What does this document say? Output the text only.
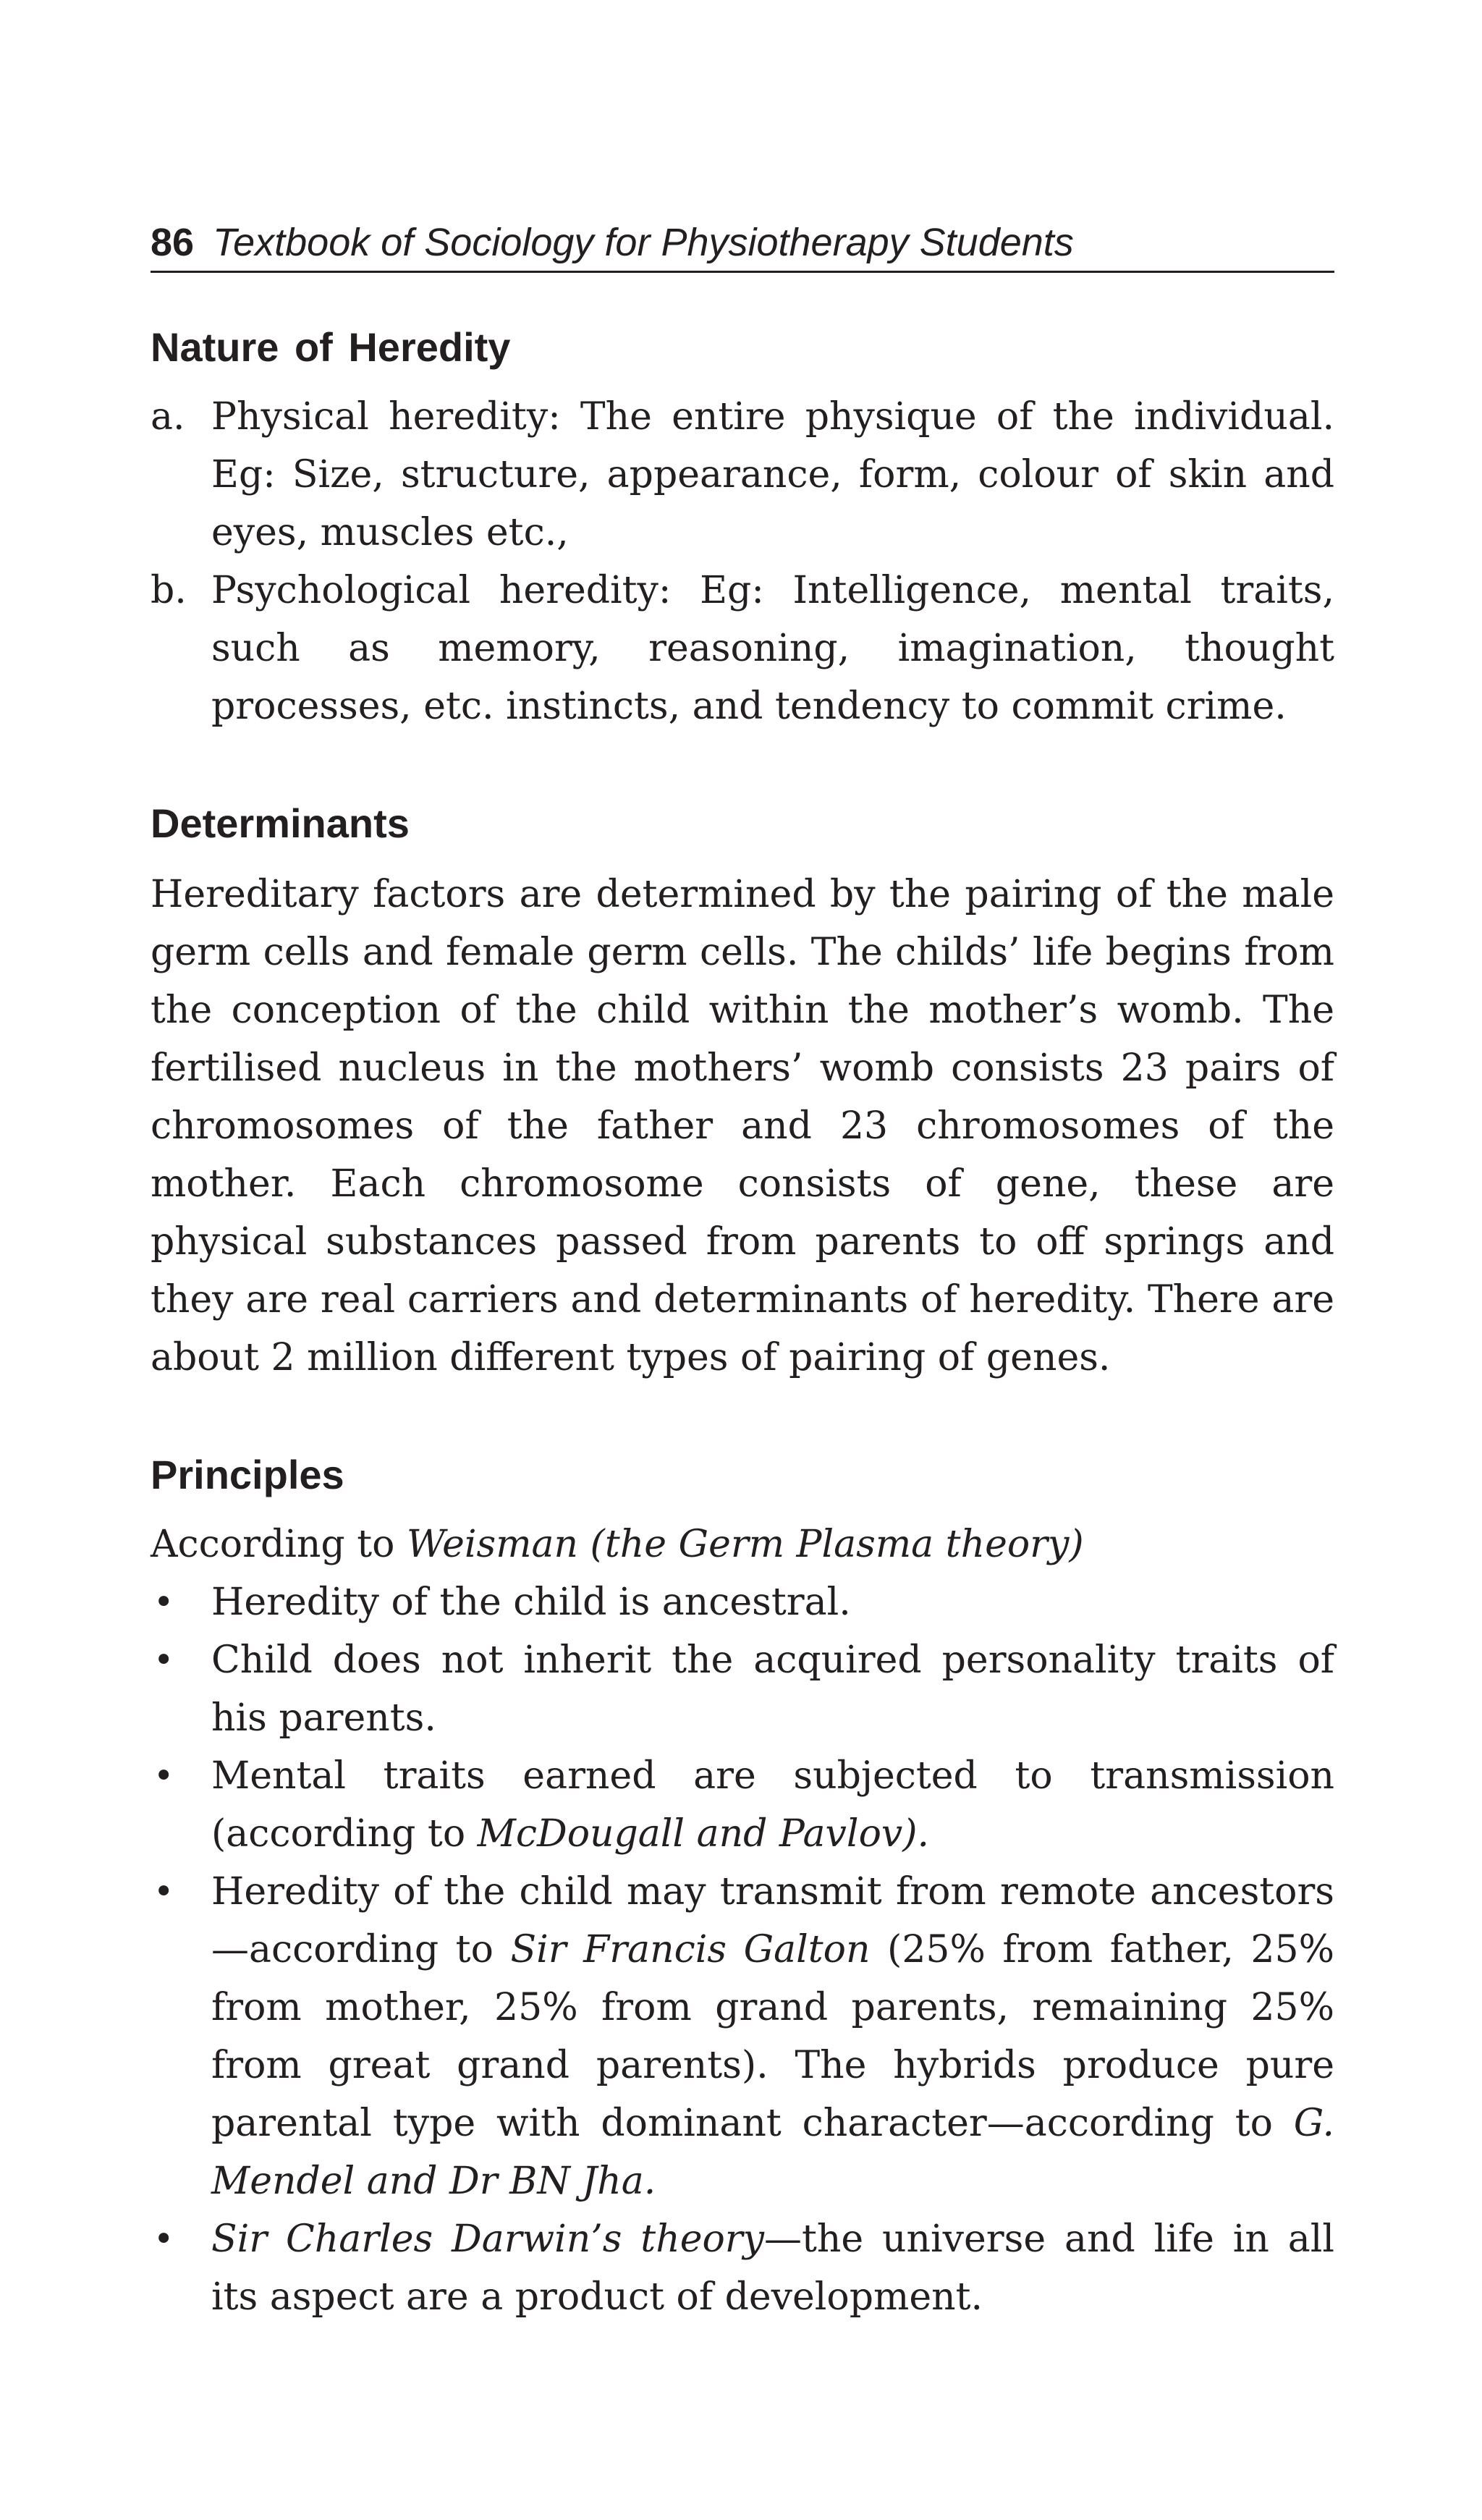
86 Textbook of Sociology for Physiotherapy Students
Nature of Heredity
a. Physical heredity: The entire physique of the individual. Eg: Size, structure, appearance, form, colour of skin and eyes, muscles etc.,
b. Psychological heredity: Eg: Intelligence, mental traits, such as memory, reasoning, imagination, thought processes, etc. instincts, and tendency to commit crime.
Determinants

Hereditary factors are determined by the pairing of the male germ cells and female germ cells. The childs’ life begins from the conception of the child within the mother’s womb. The fertilised nucleus in the mothers’ womb consists 23 pairs of chromosomes of the father and 23 chromosomes of the mother. Each chromosome consists of gene, these are physical substances passed from parents to off springs and they are real carriers and determinants of heredity. There are about 2 million different types of pairing of genes.

Principles

According to Weisman (the Germ Plasma theory)

• Heredity of the child is ancestral.
• Child does not inherit the acquired personality traits of his parents.
• Mental traits earned are subjected to transmission (according to McDougall and Pavlov).
• Heredity of the child may transmit from remote ancestors—according to Sir Francis Galton (25% from father, 25% from mother, 25% from grand parents, remaining 25% from great grand parents). The hybrids produce pure parental type with dominant character—according to G. Mendel and Dr BN Jha.
• Sir Charles Darwin’s theory—the universe and life in all its aspect are a product of development.
